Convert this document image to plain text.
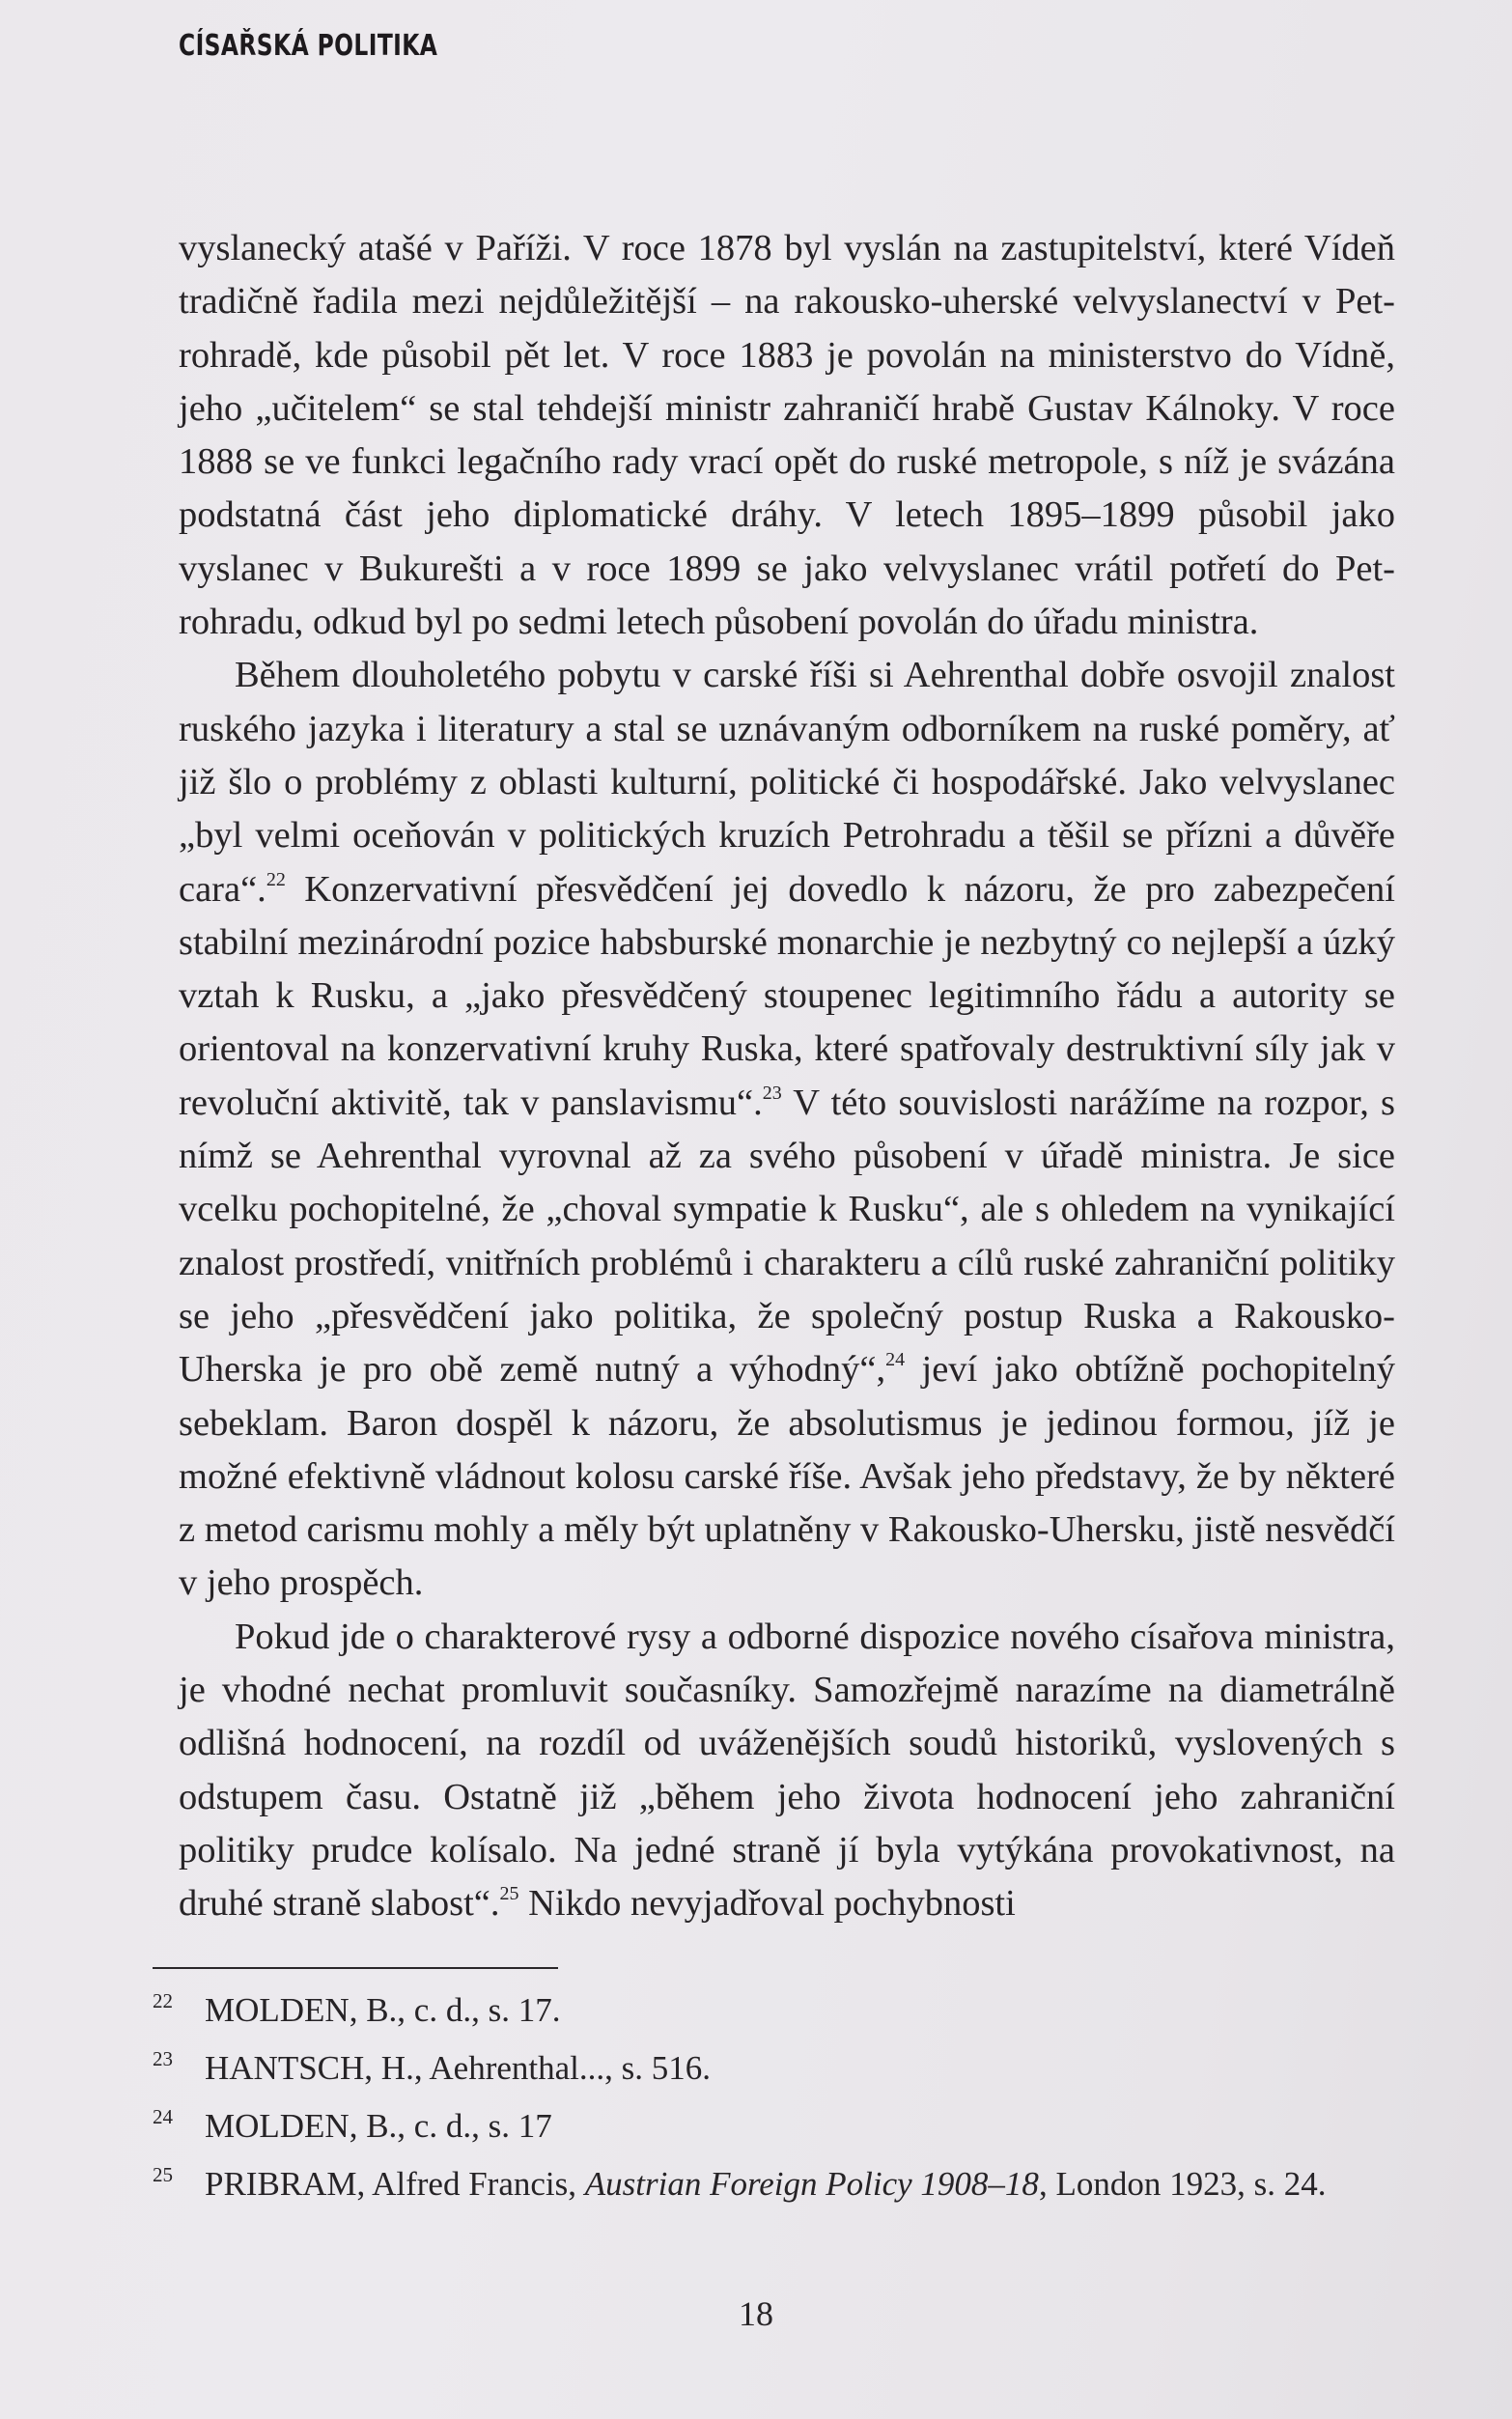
CÍSAŘSKÁ POLITIKA

vyslanecký atašé v Paříži. V roce 1878 byl vyslán na zastupitelství, které Vídeň tradičně řadila mezi nejdůležitější – na rakousko-uherské velvyslanectví v Petrohradě, kde působil pět let. V roce 1883 je povolán na ministerstvo do Vídně, jeho „učitelem“ se stal tehdejší ministr zahraničí hrabě Gustav Kálnoky. V roce 1888 se ve funkci legačního rady vrací opět do ruské metropole, s níž je svázána podstatná část jeho diplomatické dráhy. V letech 1895–1899 působil jako vyslanec v Bukurešti a v roce 1899 se jako velvyslanec vrátil potřetí do Petrohradu, odkud byl po sedmi letech působení povolán do úřadu ministra.

Během dlouholetého pobytu v carské říši si Aehrenthal dobře osvojil znalost ruského jazyka i literatury a stal se uznávaným odborníkem na ruské poměry, ať již šlo o problémy z oblasti kulturní, politické či hospodářské. Jako velvyslanec „byl velmi oceňován v politických kruzích Petrohradu a těšil se přízni a důvěře cara“.$^{22}$ Konzervativní přesvědčení jej dovedlo k názoru, že pro zabezpečení stabilní mezinárodní pozice habsburské monarchie je nezbytný co nejlepší a úzký vztah k Rusku, a „jako přesvědčený stoupenec legitimního řádu a autority se orientoval na konzervativní kruhy Ruska, které spatřovaly destruktivní síly jak v revoluční aktivitě, tak v panslavismu“.$^{23}$ V této souvislosti narážíme na rozpor, s nímž se Aehrenthal vyrovnal až za svého působení v úřadě ministra. Je sice vcelku pochopitelné, že „choval sympatie k Rusku“, ale s ohledem na vynikající znalost prostředí, vnitřních problémů i charakteru a cílů ruské zahraniční politiky se jeho „přesvědčení jako politika, že společný postup Ruska a Rakousko-Uherska je pro obě země nutný a výhodný“,$^{24}$ jeví jako obtížně pochopitelný sebeklam. Baron dospěl k názoru, že absolutismus je jedinou formou, jíž je možné efektivně vládnout kolosu carské říše. Avšak jeho představy, že by některé z metod carismu mohly a měly být uplatněny v Rakousko-Uhersku, jistě nesvědčí v jeho prospěch.

Pokud jde o charakterové rysy a odborné dispozice nového císařova ministra, je vhodné nechat promluvit současníky. Samozřejmě narazíme na diametrálně odlišná hodnocení, na rozdíl od uváženějších soudů historiků, vyslovených s odstupem času. Ostatně již „během jeho života hodnocení jeho zahraniční politiky prudce kolísalo. Na jedné straně jí byla vytýkána provokativnost, na druhé straně slabost“.$^{25}$ Nikdo nevyjadřoval pochybnosti

22 MOLDEN, B., c. d., s. 17.
23 HANTSCH, H., Aehrenthal..., s. 516.
24 MOLDEN, B., c. d., s. 17
25 PRIBRAM, Alfred Francis, Austrian Foreign Policy 1908–18, London 1923, s. 24.
18
